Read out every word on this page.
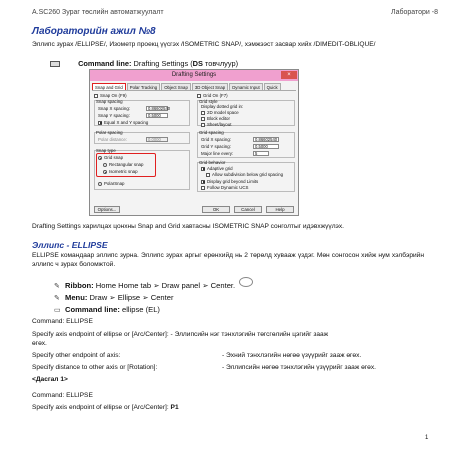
A.SC260 Зураг төслийн автоматжуулалт	Лаборатори -8
Лабораторийн ажил №8
Эллипс зурах /ELLIPSE/, Изометр проекц үүсгэх /ISOMETRIC SNAP/, хэмжээст засвар хийх /DIMEDIT-OBLIQUE/
Command line: Drafting Settings (DS товчлуур)
Drafting Settings	×
Snap and Grid	Polar Tracking	Object Snap	3D Object Snap	Dynamic Input	Quick
Snap On (F9)
Snap spacing
Snap X spacing:	0.86602540
Snap Y spacing:	0.5000
Equal X and Y spacing
Polar spacing
Polar distance:	0.0000
Snap type
Grid snap
Rectangular snap
Isometric snap
PolarSnap
Grid On (F7)
Grid style
Display dotted grid in:
2D model space
Block editor
Sheet/layout
Grid spacing
Grid X spacing:	0.86602540
Grid Y spacing:	0.5000
Major line every:	5
Grid behavior
Adaptive grid
Allow subdivision below grid spacing
Display grid beyond Limits
Follow Dynamic UCS
Options...	OK	Cancel	Help
Drafting Settings харилцах цонхны Snap and Grid хавтасны ISOMETRIC SNAP сонголтыг идэвхжүүлэх.
Эллипс - ELLIPSE
ELLIPSE командаар эллипс зурна. Эллипс зурах аргыг ерөнхийд нь 2 төрөлд хувааж үздэг. Мөн сонгосон хийж нум хэлбэрийн эллипс ч зурах боломжтой.
✎ Ribbon: Home Home tab ➢ Draw panel ➢ Center.
✎ Menu: Draw ➢ Ellipse ➢ Center
▭ Command line: ellipse (EL)
Command: ELLIPSE
Specify axis endpoint of ellipse or [Arc/Center]: - Эллипсийн нэг тэнхлэгийн төгсгөлийн цэгийг зааж
өгөх.
Specify other endpoint of axis:	- Эхний тэнхлэгийн нөгөө үзүүрийг зааж өгөх.
Specify distance to other axis or [Rotation]:	- Эллипсийн нөгөө тэнхлэгийн үзүүрийг зааж өгөх.
<Дасгал 1>
Command: ELLIPSE
Specify axis endpoint of ellipse or [Arc/Center]: P1
1
